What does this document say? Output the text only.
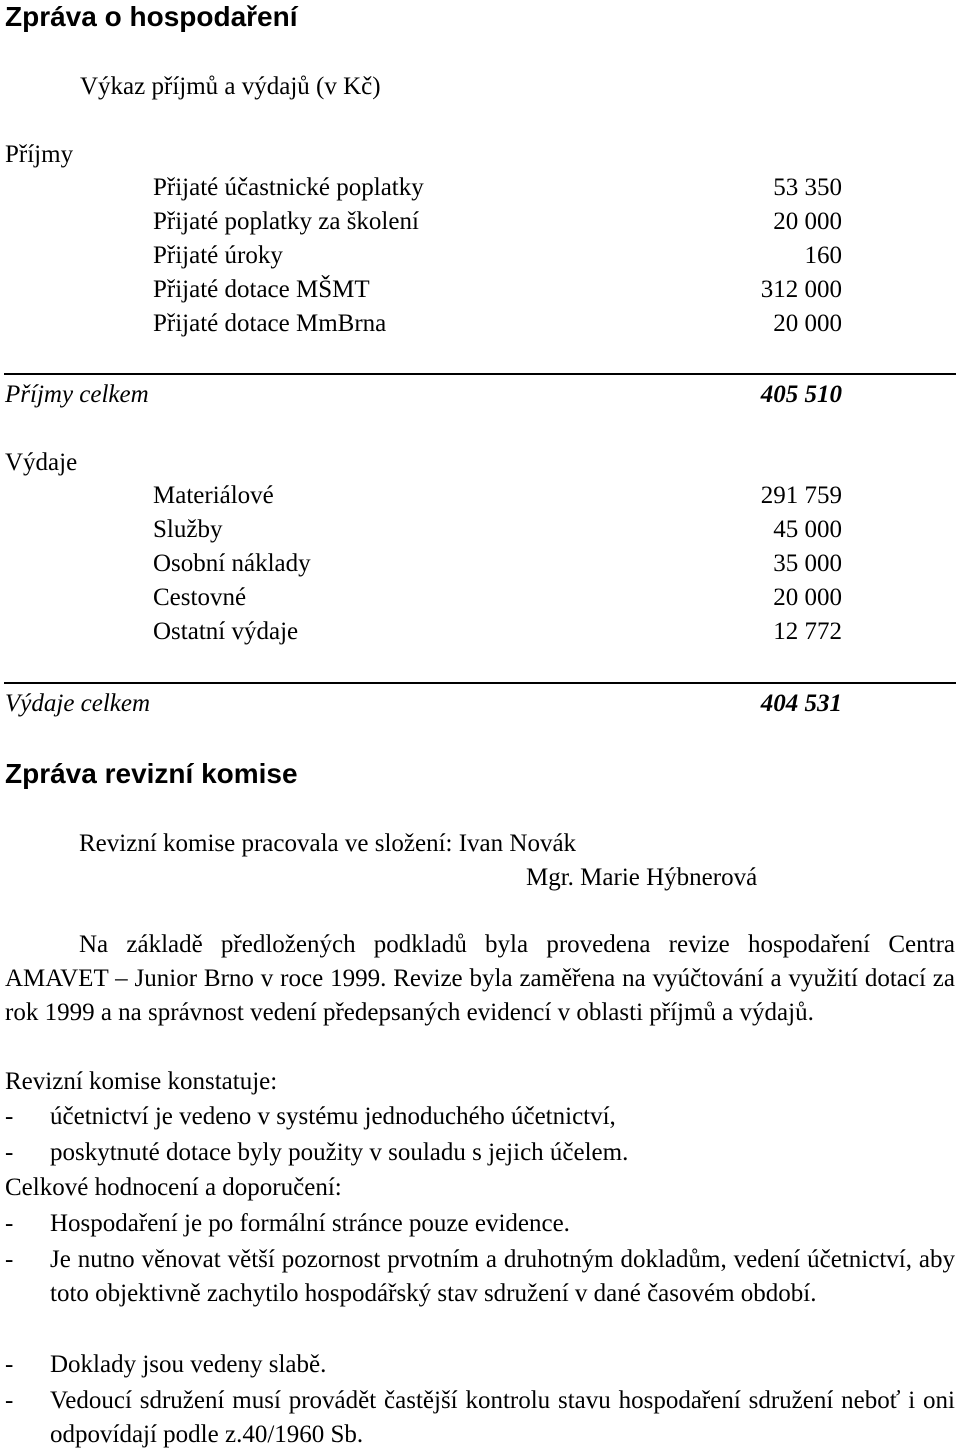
Zpráva o hospodaření
Výkaz příjmů a výdajů (v Kč)
Příjmy
Přijaté účastnické poplatky	53 350
Přijaté poplatky za školení	20 000
Přijaté úroky	160
Přijaté dotace MŠMT	312 000
Přijaté dotace MmBrna	20 000
Příjmy celkem	405 510
Výdaje
Materiálové	291 759
Služby	45 000
Osobní náklady	35 000
Cestovné	20 000
Ostatní výdaje	12 772
Výdaje celkem	404 531
Zpráva revizní komise
Revizní komise pracovala ve složení: Ivan Novák
Mgr. Marie Hýbnerová
Na základě předložených podkladů byla provedena revize hospodaření Centra AMAVET – Junior Brno v roce 1999. Revize byla zaměřena na vyúčtování a využití dotací za rok 1999 a na správnost vedení předepsaných evidencí v oblasti příjmů a výdajů.
Revizní komise konstatuje:
- účetnictví je vedeno v systému jednoduchého účetnictví,
- poskytnuté dotace byly použity v souladu s jejich účelem.
Celkové hodnocení a doporučení:
- Hospodaření je po formální stránce pouze evidence.
- Je nutno věnovat větší pozornost prvotním a druhotným dokladům, vedení účetnictví, aby toto objektivně zachytilo hospodářský stav sdružení v dané časovém období.
- Doklady jsou vedeny slabě.
- Vedoucí sdružení musí provádět častější kontrolu stavu hospodaření sdružení neboť i oni odpovídají podle z.40/1960 Sb.
